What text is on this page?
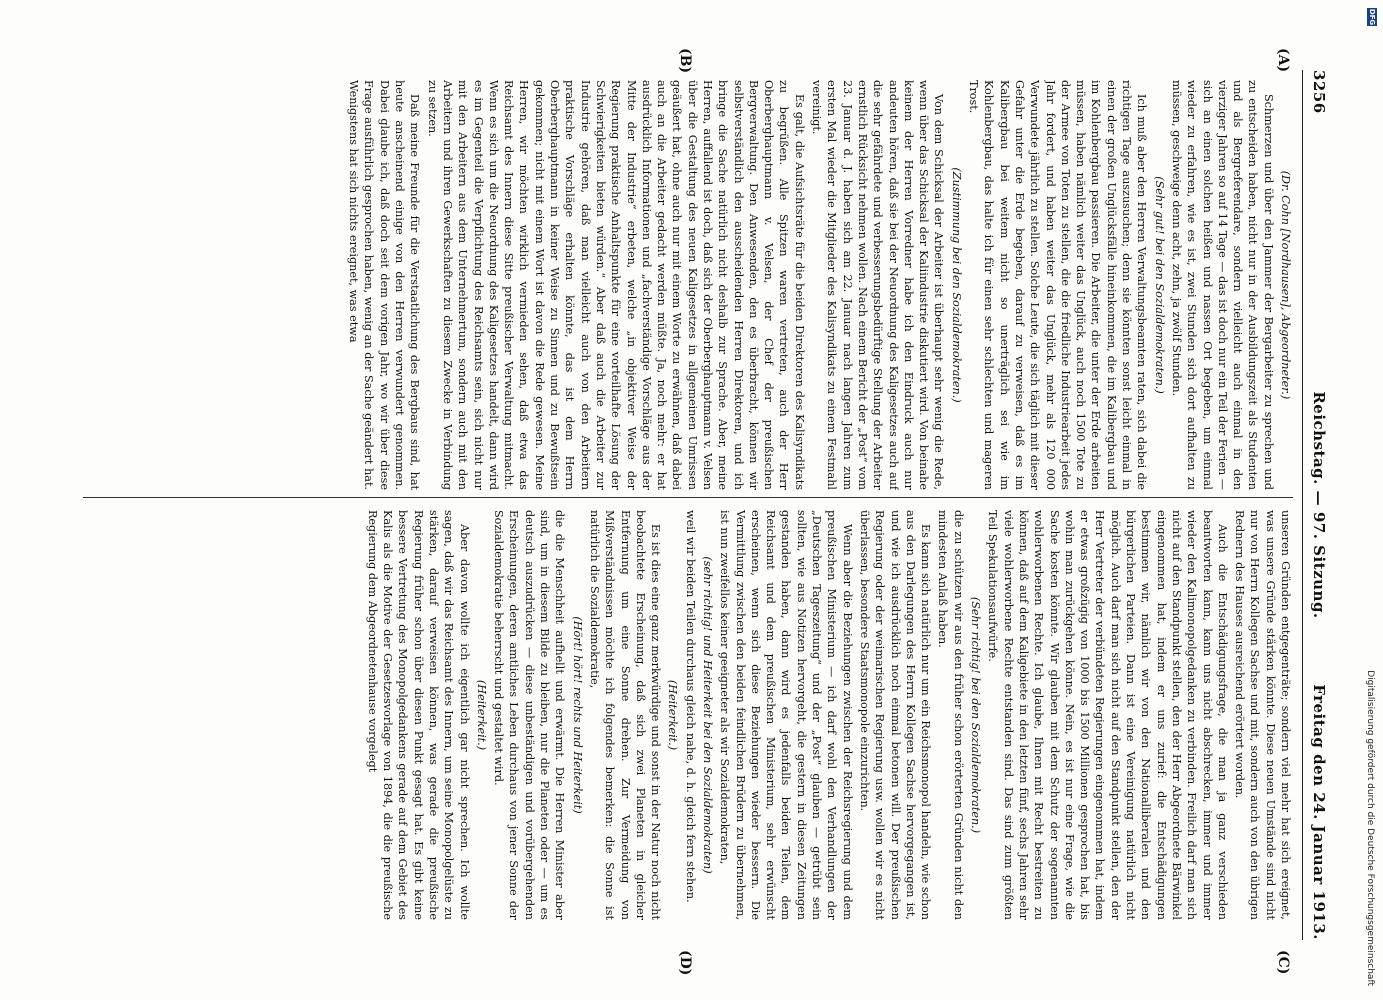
3256
Reichstag. — 97. Sitzung.
Freitag den 24. Januar 1913.
(A)
(B)
(C)
(D)

(Dr. Cohn [Nordhausen], Abgeordneter.)

Schmerzen und über den Jammer der Bergarbeiter zu sprechen und zu entscheiden haben, nicht nur in der Ausbildungszeit als Studenten und als Bergreferendare, sondern vielleicht auch einmal in den vierziger Jahren so auf 14 Tage — das ist doch nur ein Teil der Ferien — sich an einen solchen heißen und nassen Ort begeben, um einmal wieder zu erfahren, wie es ist, zwei Stunden sich dort aufhalten zu müssen, geschweige denn acht, zehn, ja zwölf Stunden.

(Sehr gut! bei den Sozialdemokraten.)

Ich muß aber den Herren Verwaltungsbeamten raten, sich dabei die richtigen Tage auszusuchen; denn sie könnten sonst leicht einmal in einen der großen Unglücksfälle hineinkommen, die im Kalibergbau und im Kohlenbergbau passieren. Die Arbeiter, die unter der Erde arbeiten müssen, haben nämlich weiter das Unglück, auch noch 1500 Tote zu der Armee von Toten zu stellen, die die friedliche Industriearbeit jedes Jahr fordert, und haben weiter das Unglück, mehr als 120 000 Verwundete jährlich zu stellen. Solche Leute, die sich täglich mit dieser Gefahr unter die Erde begeben, darauf zu verweisen, daß es im Kalibergbau bei weitem nicht so unerträglich sei wie im Kohlenbergbau, das halte ich für einen sehr schlechten und mageren Trost.

(Zustimmung bei den Sozialdemokraten.)

Von dem Schicksal der Arbeiter ist überhaupt sehr wenig die Rede, wenn über das Schicksal der Kaliindustrie diskutiert wird. Von beinahe keinem der Herren Vorredner habe ich den Eindruck auch nur andeuten hören, daß sie bei der Neuordnung des Kaligesetzes auch auf die sehr gefährdete und verbesserungsbedürftige Stellung der Arbeiter ernstlich Rücksicht nehmen wollen. Nach einem Bericht der „Post“ vom 23. Januar d. J. haben sich am 22. Januar nach langen Jahren zum ersten Mal wieder die Mitglieder des Kalisyndikats zu einem Festmahl vereinigt.

Es galt, die Aufsichtsräte für die beiden Direktoren des Kalisyndikats zu begrüßen. Alle Spitzen waren vertreten, auch der Herr Oberberghauptmann v. Velsen, der Chef der preußischen Bergverwaltung. Den Anwesenden, den es überbracht, können wir selbstverständlich den ausscheidenden Herren Direktoren, und ich bringe die Sache natürlich nicht deshalb zur Sprache. Aber, meine Herren, auffallend ist doch, daß sich der Oberberghauptmann v. Velsen über die Gestaltung des neuen Kaligesetzes in allgemeinen Umrissen geäußert hat, ohne auch nur mit einem Worte zu erwähnen, daß dabei auch an die Arbeiter gedacht werden müßte. Ja, noch mehr: er hat ausdrücklich Informationen und „fachverständige Vorschläge aus der Mitte der Industrie“ erbeten, welche „in objektiver Weise der Regierung praktische Anhaltspunkte für eine vorteilhafte Lösung der Schwierigkeiten bieten würden.“ Aber daß auch die Arbeiter zur Industrie gehören, daß man vielleicht auch von den Arbeitern praktische Vorschläge erhalten könnte, das ist dem Herrn Oberberghauptmann in keiner Weise zu Sinnen und zu Bewußtsein gekommen; nicht mit einem Wort ist davon die Rede gewesen. Meine Herren, wir möchten wirklich vermieden sehen, daß etwa das Reichsamt des Innern diese Sitte preußischer Verwaltung mitmacht. Wenn es sich um die Neuordnung des Kaligesetzes handelt, dann wird es im Gegenteil die Verpflichtung des Reichsamts sein, sich nicht nur mit den Arbeitern aus dem Unternehmertum, sondern auch mit den Arbeitern und ihren Gewerkschaften zu diesem Zwecke in Verbindung zu setzen.

Daß meine Freunde für die Verstaatlichung des Bergbaus sind, hat heute anscheinend einige von den Herren verwundert genommen. Dabei glaube ich, daß doch seit dem vorigen Jahr, wo wir über diese Frage ausführlich gesprochen haben, wenig an der Sache geändert hat. Wenigstens hat sich nichts ereignet, was etwa

unseren Gründen entgegenträte; sondern viel mehr hat sich ereignet, was unsere Gründe stärken könnte. Diese neuen Umstände sind nicht nur von Herrn Kollegen Sachse und mit, sondern auch von den übrigen Rednern des Hauses ausreichend erörtert worden.

Auch die Entschädigungsfrage, die man ja ganz verschieden beantworten kann, kann uns nicht abschrecken, immer und immer wieder den Kalimonopolgedanken zu verbinden. Freilich darf man sich nicht auf den Standpunkt stellen, den der Herr Abgeordnete Bärwinkel eingenommen hat, indem er uns zurief: die Entschädigungen bestimmen wir, nämlich wir von den Nationalliberalen und den bürgerlichen Parteien. Dann ist eine Vereinigung natürlich nicht möglich. Auch darf man sich nicht auf den Standpunkt stellen, den der Herr Vertreter der verbündeten Regierungen eingenommen hat, indem er etwas großzügig von 1000 bis 1500 Millionen gesprochen hat, bis wohin man zurückgehen könne. Nein, es ist nur eine Frage, wie die Sache kosten könnte. Wir glauben mit dem Schutz der sogenannten wohlerworbenen Rechte. Ich glaube, Ihnen mit Recht bestreiten zu können, daß auf dem Kaligebiete in den letzten fünf, sechs Jahren sehr viele wohlerworbene Rechte entstanden sind. Das sind zum größten Teil Spekulationsaufwürfe.

(Sehr richtig! bei den Sozialdemokraten.)

die zu schützen wir aus den früher schon erörterten Gründen nicht den mindesten Anlaß haben.

Es kann sich natürlich nur um ein Reichsmonopol handeln, wie schon aus den Darlegungen des Herrn Kollegen Sachse hervorgegangen ist, und wie ich ausdrücklich noch einmal betonen will. Der preußischen Regierung oder der weimarischen Regierung usw. wollen wir es nicht überlassen, besondere Staatsmonopole einzurichten.

Wenn aber die Beziehungen zwischen der Reichsregierung und dem preußischen Ministerium — ich darf wohl den Verhandlungen der „Deutschen Tageszeitung“ und der „Post“ glauben — getrübt sein sollten, wie aus Notizen hervorgeht, die gestern in diesen Zeitungen gestanden haben, dann wird es jedenfalls beiden Teilen, dem Reichsamt und dem preußischen Ministerium, sehr erwünscht erscheinen, wenn sich diese Beziehungen wieder bessern. Die Vermittlung zwischen den beiden feindlichen Brüdern zu übernehmen, ist nun zweifellos keiner geeigneter als wir Sozialdemokraten,

(sehr richtig! und Heiterkeit bei den Sozialdemokraten)

weil wir beiden Teilen durchaus gleich nahe, d. h. gleich fern stehen.

(Heiterkeit.)

Es ist dies eine ganz merkwürdige und sonst in der Natur noch nicht beobachtete Erscheinung, daß sich zwei Planeten in gleicher Entfernung um eine Sonne drehen. Zur Vermeidung von Mißverständnissen möchte ich folgendes bemerken: die Sonne ist natürlich die Sozialdemokratie,

(Hört! hört! rechts und Heiterkeit)

die die Menschheit aufhellt und erwärmt. Die Herren Minister aber sind, um in diesem Bilde zu bleiben, nur die Planeten oder — um es deutsch auszudrücken — diese unbeständigen und vorübergehenden Erscheinungen, deren amtliches Leben durchaus von jener Sonne der Sozialdemokratie beherrscht und gestaltet wird.

(Heiterkeit.)

Aber davon wollte ich eigentlich gar nicht sprechen. Ich wollte sagen, daß wir das Reichsamt des Innern, um seine Monopolgelüste zu stärken, darauf verweisen können, was gerade die preußische Regierung früher schon über diesen Punkt gesagt hat. Es gibt keine bessere Vertretung des Monopolgedankens gerade auf dem Gebiet des Kalis als die Motive der Gesetzesvorlage von 1894, die die preußische Regierung dem Abgeordnetenhause vorgelegt

DFG
Digitalisierung gefördert durch die Deutsche Forschungsgemeinschaft
